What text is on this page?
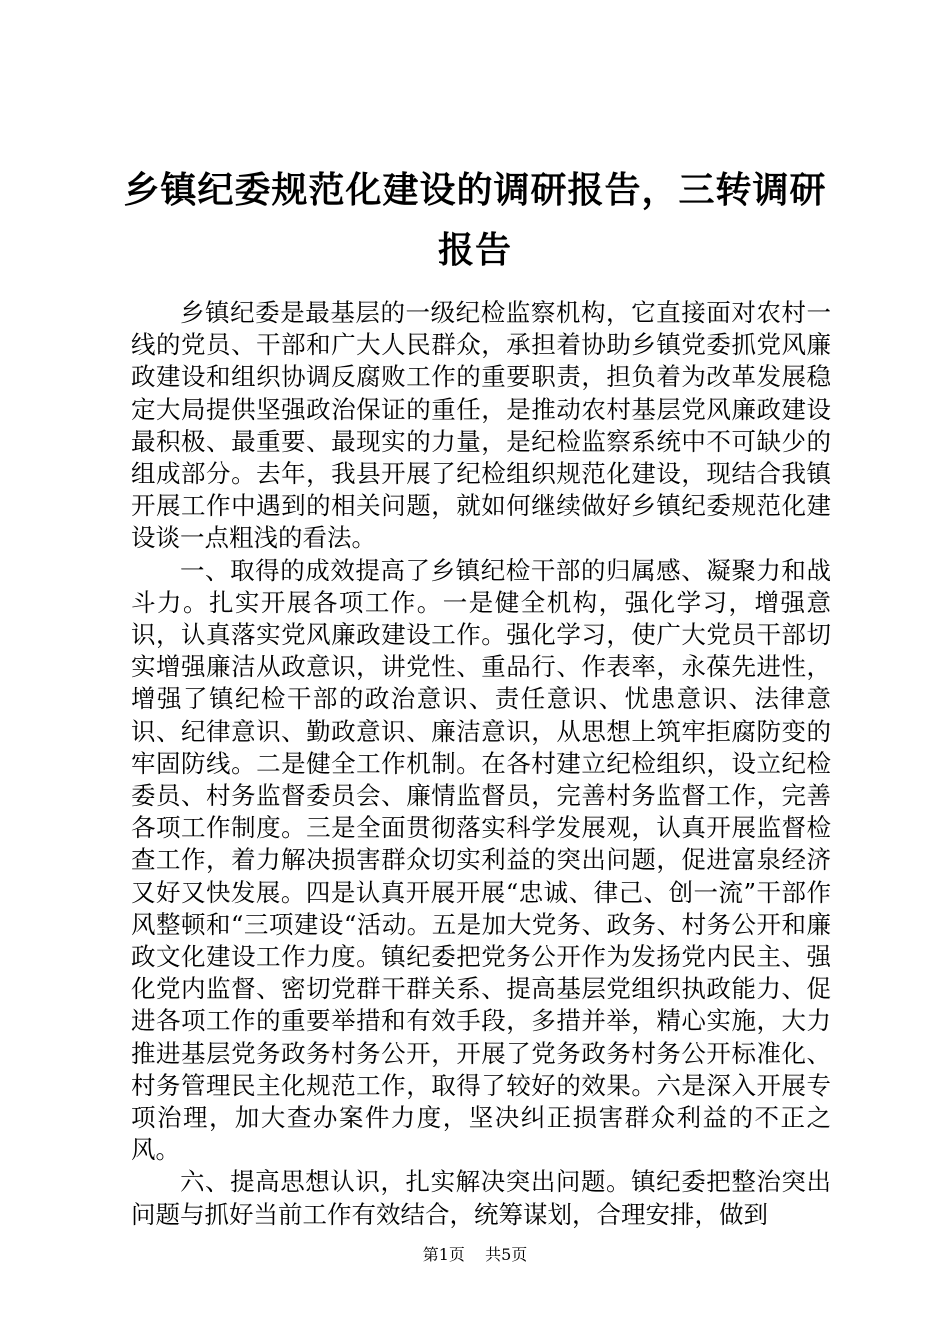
乡镇纪委规范化建设的调研报告，三转调研报告

乡镇纪委是最基层的一级纪检监察机构，它直接面对农村一线的党员、干部和广大人民群众，承担着协助乡镇党委抓党风廉政建设和组织协调反腐败工作的重要职责，担负着为改革发展稳定大局提供坚强政治保证的重任，是推动农村基层党风廉政建设最积极、最重要、最现实的力量，是纪检监察系统中不可缺少的组成部分。去年，我县开展了纪检组织规范化建设，现结合我镇开展工作中遇到的相关问题，就如何继续做好乡镇纪委规范化建设谈一点粗浅的看法。

一、取得的成效提高了乡镇纪检干部的归属感、凝聚力和战斗力。扎实开展各项工作。一是健全机构，强化学习，增强意识，认真落实党风廉政建设工作。强化学习，使广大党员干部切实增强廉洁从政意识，讲党性、重品行、作表率，永葆先进性，增强了镇纪检干部的政治意识、责任意识、忧患意识、法律意识、纪律意识、勤政意识、廉洁意识，从思想上筑牢拒腐防变的牢固防线。二是健全工作机制。在各村建立纪检组织，设立纪检委员、村务监督委员会、廉情监督员，完善村务监督工作，完善各项工作制度。三是全面贯彻落实科学发展观，认真开展监督检查工作，着力解决损害群众切实利益的突出问题，促进富泉经济又好又快发展。四是认真开展开展“忠诚、律己、创一流”干部作风整顿和“三项建设“活动。五是加大党务、政务、村务公开和廉政文化建设工作力度。镇纪委把党务公开作为发扬党内民主、强化党内监督、密切党群干群关系、提高基层党组织执政能力、促进各项工作的重要举措和有效手段，多措并举，精心实施，大力推进基层党务政务村务公开，开展了党务政务村务公开标准化、村务管理民主化规范工作，取得了较好的效果。六是深入开展专项治理，加大查办案件力度，坚决纠正损害群众利益的不正之风。

六、提高思想认识，扎实解决突出问题。镇纪委把整治突出问题与抓好当前工作有效结合，统筹谋划，合理安排，做到

第1页 共5页
